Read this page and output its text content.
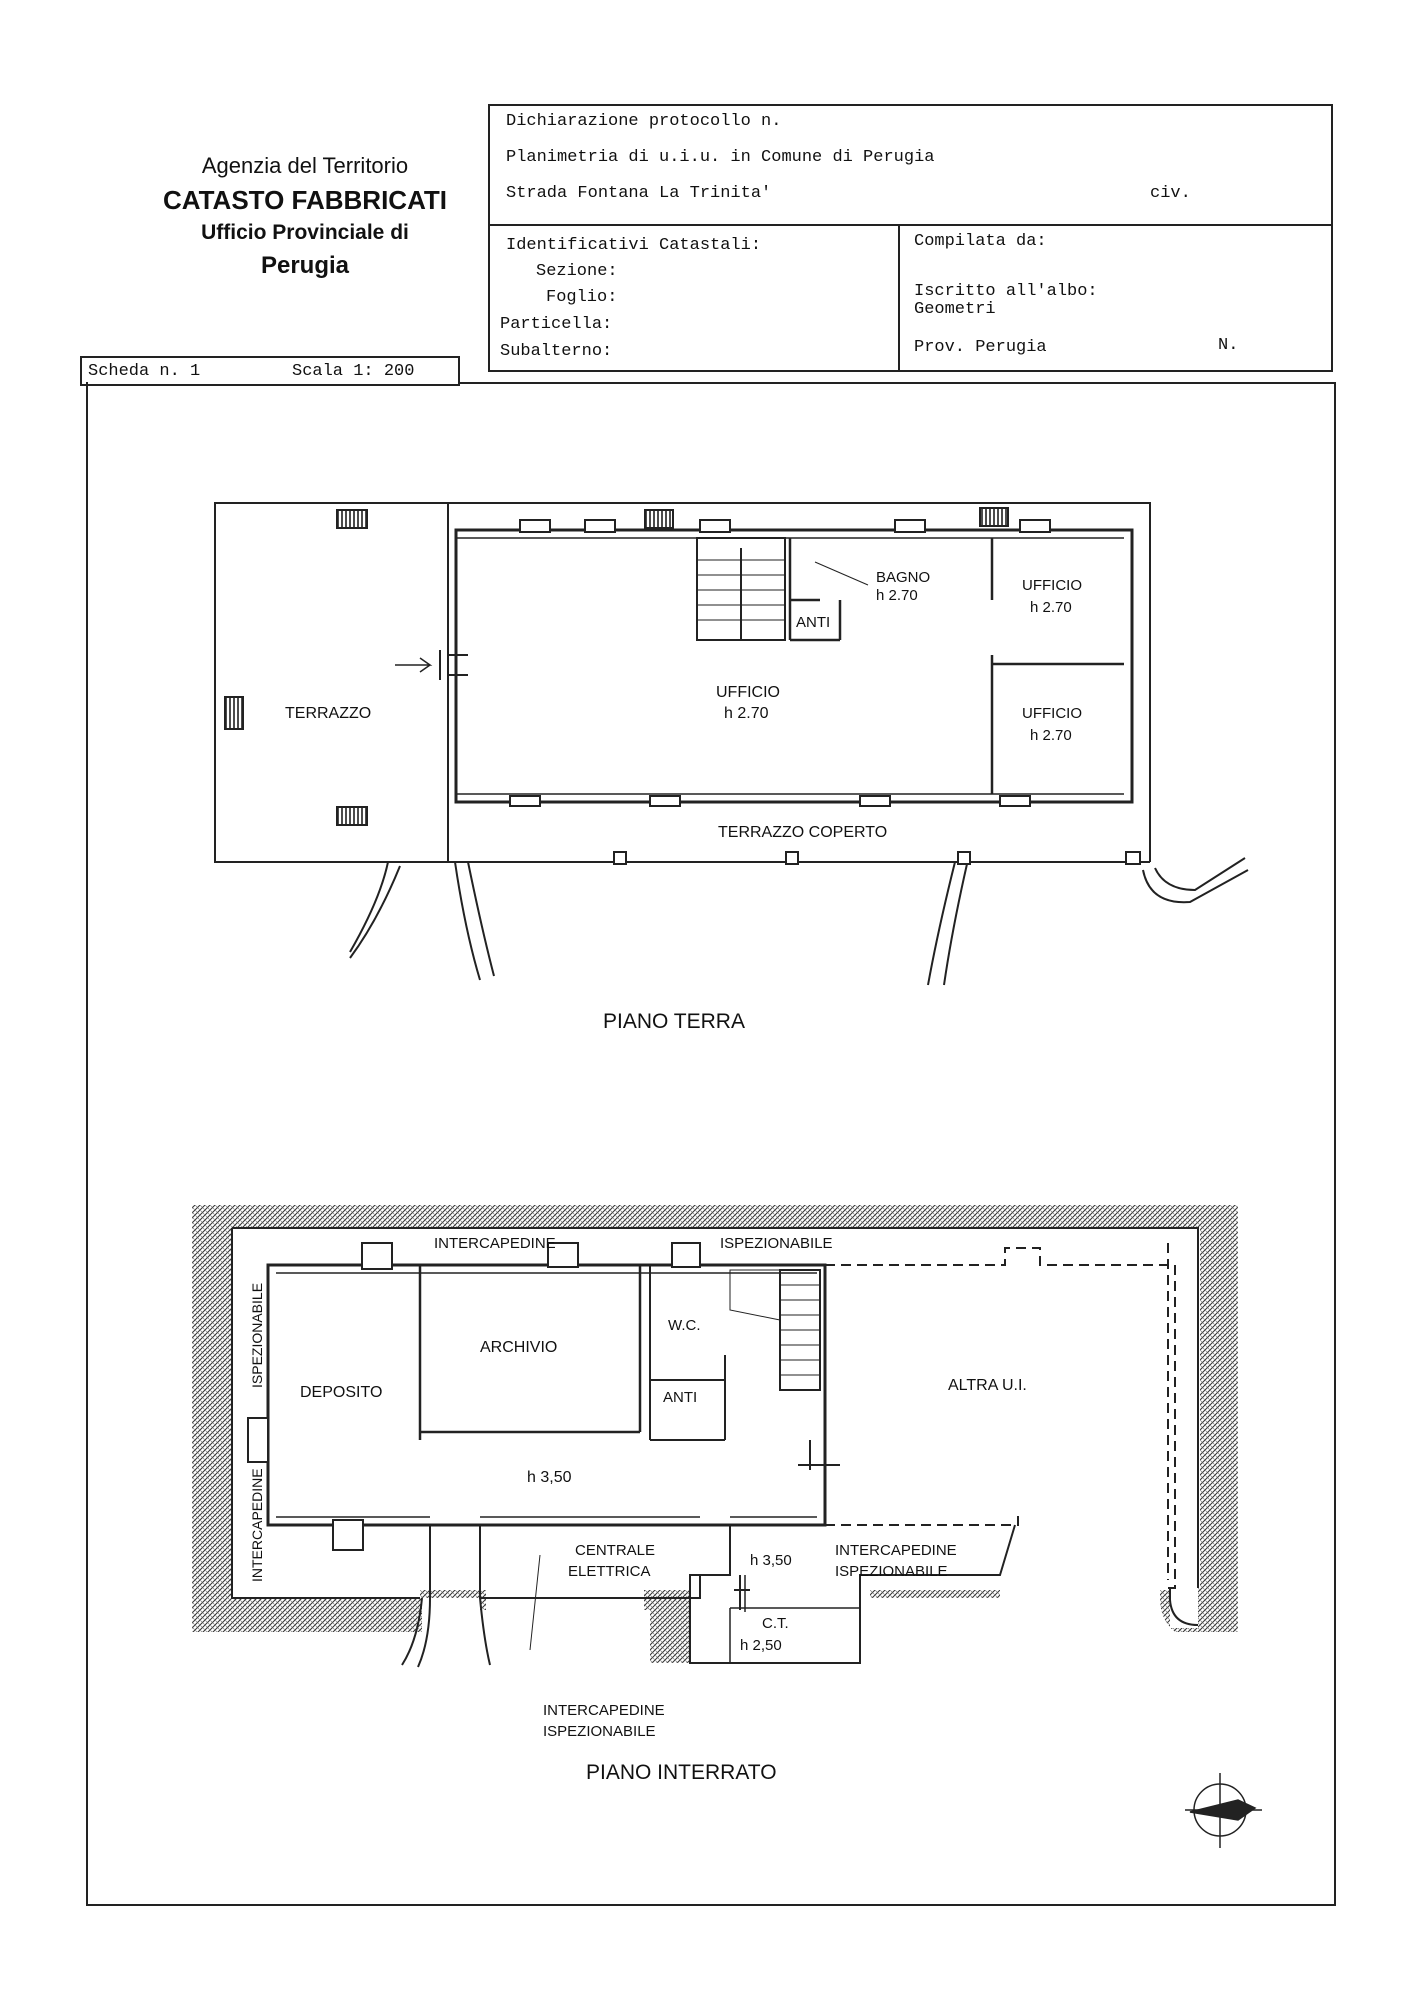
Agenzia del Territorio
CATASTO FABBRICATI
Ufficio Provinciale di
Perugia
Dichiarazione protocollo n.
Planimetria di u.i.u. in Comune di Perugia
Strada Fontana La Trinita'	civ.
Identificativi Catastali:
Sezione:
Foglio:
Particella:
Subalterno:
Compilata da:
Iscritto all'albo:
Geometri
Prov. Perugia	N.
Scheda n. 1	Scala 1: 200
TERRAZZO
UFFICIO
h 2.70
BAGNO
h 2.70
ANTI
UFFICIO
h 2.70
UFFICIO
h 2.70
TERRAZZO COPERTO
PIANO TERRA
INTERCAPEDINE	ISPEZIONABILE
ISPEZIONABILE
INTERCAPEDINE
DEPOSITO
ARCHIVIO
W.C.
ANTI
ALTRA U.I.
h 3,50
CENTRALE
ELETTRICA
h 3,50
INTERCAPEDINE
ISPEZIONABILE
C.T.
h 2,50
INTERCAPEDINE
ISPEZIONABILE
PIANO INTERRATO
